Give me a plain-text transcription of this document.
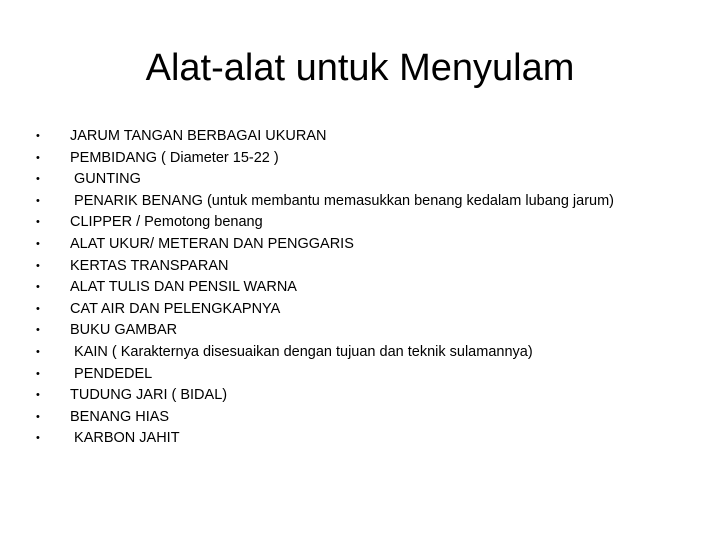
Alat-alat untuk Menyulam
•	JARUM TANGAN BERBAGAI UKURAN
•	PEMBIDANG ( Diameter 15-22 )
•	GUNTING
•	PENARIK BENANG (untuk membantu memasukkan benang kedalam lubang jarum)
•	CLIPPER / Pemotong benang
•	ALAT UKUR/ METERAN DAN PENGGARIS
•	KERTAS TRANSPARAN
•	ALAT TULIS DAN PENSIL WARNA
•	CAT AIR DAN PELENGKAPNYA
•	BUKU GAMBAR
•	KAIN ( Karakternya disesuaikan dengan tujuan dan teknik sulamannya)
•	PENDEDEL
•	TUDUNG JARI ( BIDAL)
•	BENANG HIAS
•	KARBON JAHIT
